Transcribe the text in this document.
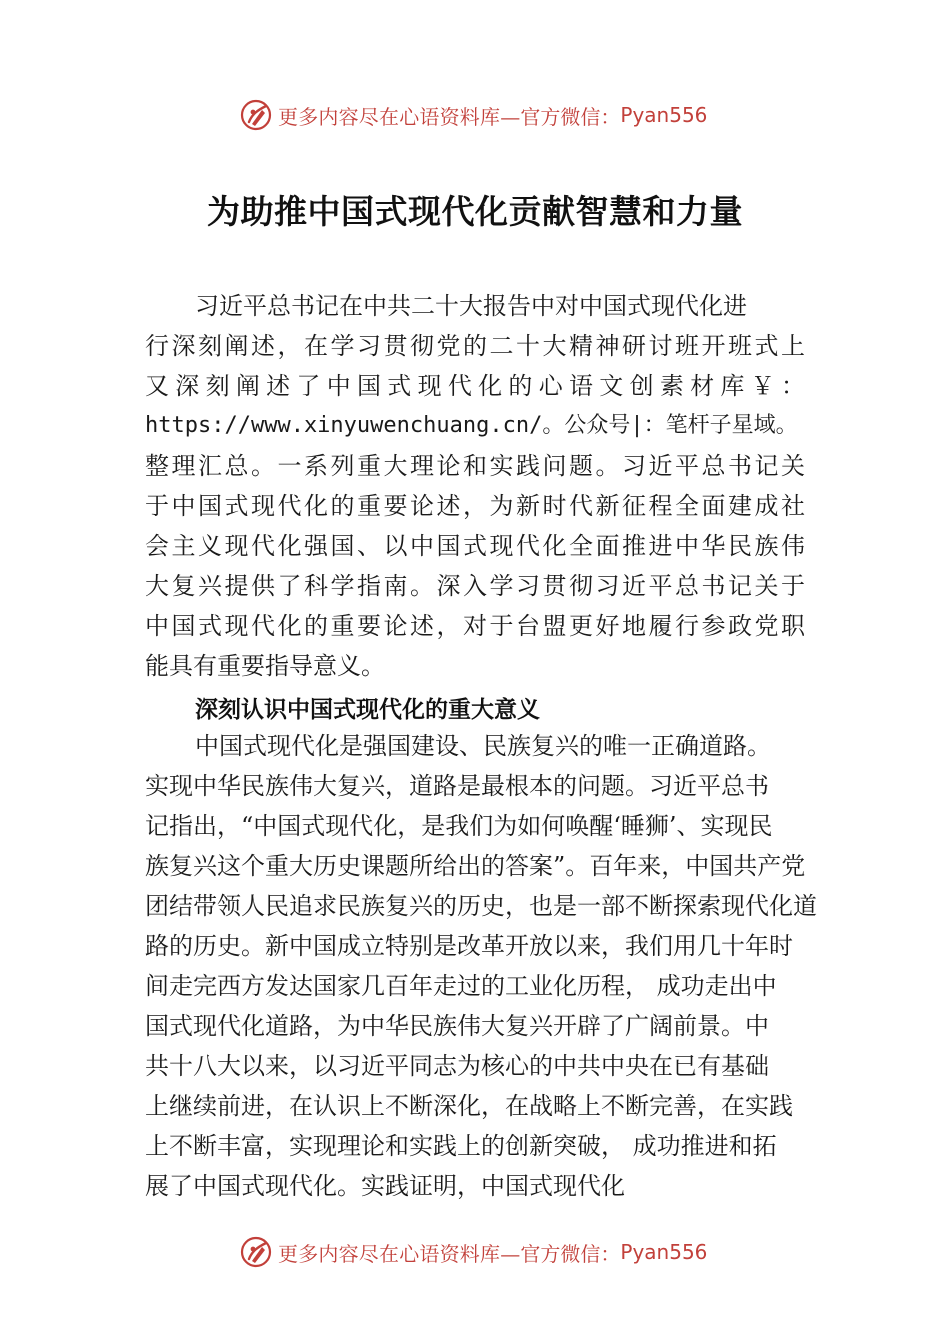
更多内容尽在心语资料库— 官方微信： Pyan556
为助推中国式现代化贡献智慧和力量
习近平总书记在中共二十大报告中对中国式现代化进
行深刻阐述，在学习贯彻党的二十大精神研讨班开班式上
又深刻阐述了中国式现代化的心语文创素材库￥：
https://www.xinyuwenchuang.cn/。公众号|：笔杆子星域。
整理汇总。一系列重大理论和实践问题。习近平总书记关
于中国式现代化的重要论述，为新时代新征程全面建成社
会主义现代化强国、以中国式现代化全面推进中华民族伟
大复兴提供了科学指南。深入学习贯彻习近平总书记关于
中国式现代化的重要论述，对于台盟更好地履行参政党职
能具有重要指导意义。
深刻认识中国式现代化的重大意义
中国式现代化是强国建设、民族复兴的唯一正确道路。
实现中华民族伟大复兴，道路是最根本的问题。习近平总书
记指出，“中国式现代化，是我们为如何唤醒‘睡狮’、实现民
族复兴这个重大历史课题所给出的答案”。百年来，中国共产党
团结带领人民追求民族复兴的历史，也是一部不断探索现代化道
路的历史。新中国成立特别是改革开放以来，我们用几十年时
间走完西方发达国家几百年走过的工业化历程， 成功走出中
国式现代化道路，为中华民族伟大复兴开辟了广阔前景。中
共十八大以来，以习近平同志为核心的中共中央在已有基础
上继续前进，在认识上不断深化，在战略上不断完善，在实践
上不断丰富，实现理论和实践上的创新突破， 成功推进和拓
展了中国式现代化。实践证明，中国式现代化
更多内容尽在心语资料库— 官方微信： Pyan556
